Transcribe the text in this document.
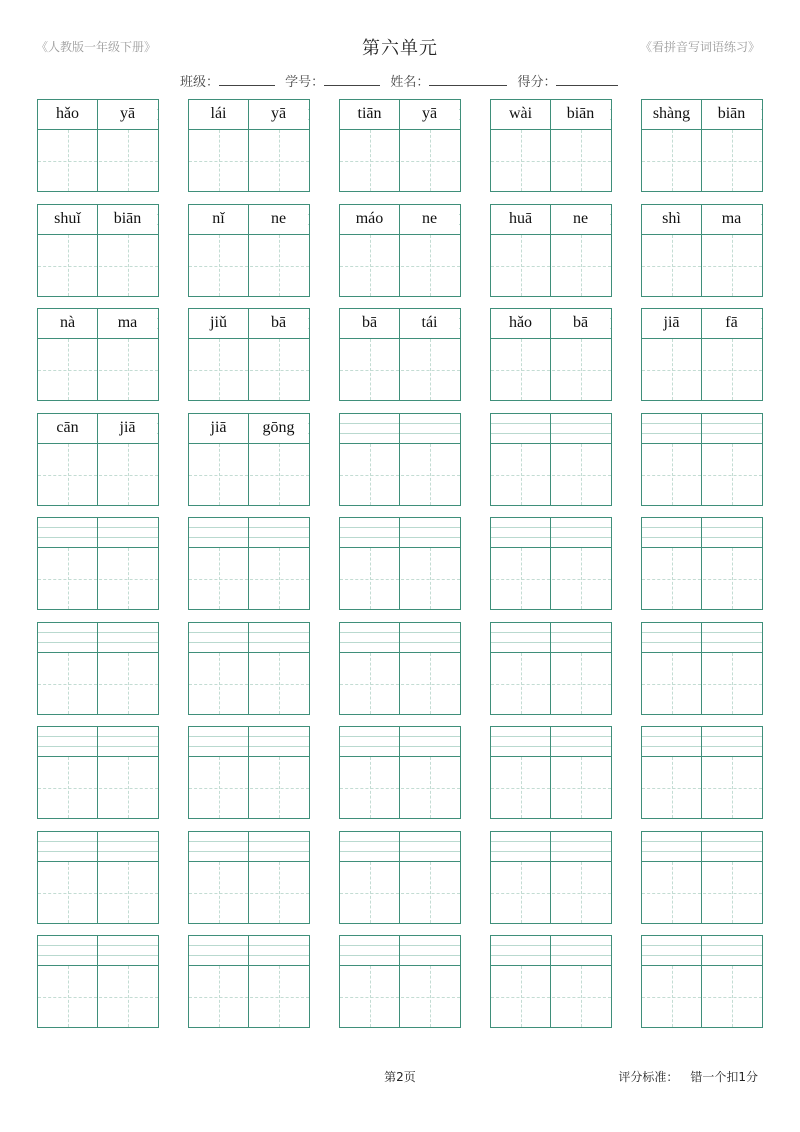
《人教版一年级下册》	第六单元	《看拼音写词语练习》
班级：	学号：	姓名：	得分：
hǎo	yā	lái	yā	tiān	yā	wài	biān	shàng	biān
shuǐ	biān	nǐ	ne	máo	ne	huā	ne	shì	ma
nà	ma	jiǔ	bā	bā	tái	hǎo	bā	jiā	fā
cān	jiā	jiā	gōng
第2页	评分标准： 错一个扣1分
